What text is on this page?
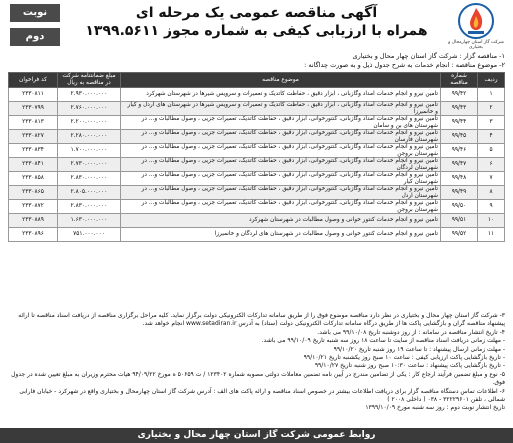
شرکت گاز استان چهارمحال و بختیاری
آگهی مناقصه عمومی یک مرحله ای
همراه با ارزیابی کیفی به شماره مجوز ۱۳۹۹.۵۶۱۱
نوبت
دوم
۱- مناقصه گزار : شرکت گاز استان چهار محال و بختیاری
۲- موضوع مناقصه : انجام خدمات به شرح جدول ذیل و به صورت چداگانه :
ردیف	شماره مناقصه	موضوع مناقصه	مبلغ ضمانتنامه شرکت در مناقصه به ریال	کد فراخوان
۱	۹۹/۴۲	تامین نیرو و انجام خدمات امداد وگازبانی ، ابزار دقیق ، حفاظت کاتدیک و تعمیرات و سرویس شیرها در شهرستان شهرکرد	۲.۹۳۰.۰۰۰.۰۰۰	۲۳۳۰۸۱۱
۲	۹۹/۴۳	تامین نیرو و انجام خدمات امداد وگازبانی ، ابزار دقیق ، حفاظت کاتدیک و تعمیرات و سرویس شیرها در شهرستان های اردل و کیار و خانمیرزا	۲.۷۶۰.۰۰۰.۰۰۰	۲۳۳۰۷۹۹
۳	۹۹/۴۴	تامین نیرو و انجام خدمات امداد وگازبانی، کنتورخوانی، ابزار دقیق ، حفاظت کاتدیک، تعمیرات جزیی ، وصول مطالبات و... در شهرستان های بن و سامان	۲.۲۰۰.۰۰۰.۰۰۰	۲۳۳۰۸۱۳
۴	۹۹/۴۵	تامین نیرو و انجام خدمات امداد وگازبانی، کنتورخوانی، ابزار دقیق ، حفاظت کاتدیک، تعمیرات جزیی ، وصول مطالبات و... در شهرستان فارسان	۲.۲۸۰.۰۰۰.۰۰۰	۲۳۳۰۸۲۷
۵	۹۹/۴۶	تامین نیرو و انجام خدمات امداد وگازبانی، کنتورخوانی، ابزار دقیق ، حفاظت کاتدیک، تعمیرات جزیی ، وصول مطالبات و... در شهرستان بروجن	۱.۷۰۰.۰۰۰.۰۰۰	۲۳۳۰۸۳۴
۶	۹۹/۴۷	تامین نیرو و انجام خدمات امداد وگازبانی، کنتورخوانی، ابزار دقیق ، حفاظت کاتدیک، تعمیرات جزیی ، وصول مطالبات و... در شهرستان لردگان	۲.۷۳۰.۰۰۰.۰۰۰	۲۳۳۰۸۴۱
۷	۹۹/۴۸	تامین نیرو و انجام خدمات امداد وگازبانی، کنتورخوانی، ابزار دقیق ، حفاظت کاتدیک، تعمیرات جزیی ، وصول مطالبات و... در شهرستان کیار	۲.۸۳۰.۰۰۰.۰۰۰	۲۳۳۰۸۵۸
۸	۹۹/۴۹	تامین نیرو و انجام خدمات امداد وگازبانی، کنتورخوانی، ابزار دقیق ، حفاظت کاتدیک، تعمیرات جزیی ، وصول مطالبات و... در شهرستان اردل	۲.۸۰۵.۰۰۰.۰۰۰	۲۳۳۰۸۶۵
۹	۹۹/۵۰	تامین نیرو و انجام خدمات امداد وگازبانی، کنتورخوانی، ابزار دقیق ، حفاظت کاتدیک، تعمیرات جزیی ، وصول مطالبات و... در شهرستان بروجن	۲.۸۳۰.۰۰۰.۰۰۰	۲۳۳۰۸۷۲
۱۰	۹۹/۵۱	تامین نیرو و انجام خدمات کنتور خوانی و وصول مطالبات در شهرستان شهرکرد	۱.۶۳۰.۰۰۰.۰۰۰	۲۳۳۰۸۸۹
۱۱	۹۹/۵۲	تامین نیرو و انجام خدمات کنتور خوانی و وصول مطالبات در شهرستان های لردگان و خانمیرزا	۷۵۱.۰۰۰.۰۰۰	۲۳۳۰۸۹۶

۳- شرکت گاز استان چهار محال و بختیاری در نظر دارد مناقصه موضوع فوق را از طریق سامانه تدارکات الکترونیکی دولت برگزار نماید. کلیه مراحل برگزاری مناقصه از دریافت اسناد مناقصه تا ارائه پیشنهاد مناقصه گران و بازگشایی پاکت ها از طریق درگاه سامانه تدارکات الکترونیکی دولت (ستاد) به آدرس www.setadiran.ir انجام خواهد شد.

۴- تاریخ انتشار مناقصه در سامانه : از روز دوشنبه تاریخ ۹۹/۱۰/۰۸ می باشد.

- مهلت زمانی دریافت اسناد مناقصه از سایت تا ساعت ۱۸ روز سه شنبه تاریخ ۹۹/۱۰/۰۹ می باشد.

- مهلت زمانی ارسال پیشنهاد : تا ساعت ۱۹ روز شنبه تاریخ ۹۹/۱۰/۲۰

- تاریخ بازگشایی پاکت ارزیابی کیفی : ساعت ۱۰ صبح روز یکشنبه تاریخ ۹۹/۱۰/۲۱

- تاریخ بازگشایی پاکت پیشنهاد : ساعت ۱۰:۳۰ صبح روز شنبه تاریخ ۹۹/۱۰/۲۷

۵- نوع و مبلغ تضمین فرآیند ارجاع کار : یکی از تضامین مندرج در آیین نامه تضمین معاملات دولتی مصوبه شماره ۱۲۳۴۰۲ / ت ۵۰۶۵۹ ه مورخ ۹۴/۰۹/۲۲ هیات محترم وزیران به مبلغ تعیین شده در جدول فوق.

۶- اطلاعات تماس دستگاه مناقصه گزار برای دریافت اطلاعات بیشتر در خصوص اسناد مناقصه و ارائه پاکت های الف : آدرس شرکت گاز استان چهارمحال و بختیاری واقع در شهرکرد - خیابان فارابی شمالی ، تلفن ۳۲۲۲۹۶۰۱ - ۰۳۸ ( داخلی ۲۰۰۸ )

تاریخ انتشار نوبت دوم : روز سه شنبه مورخ ۱۳۹۹/۱۰/۰۹

روابط عمومی شرکت گاز استان چهار محال و بختیاری
